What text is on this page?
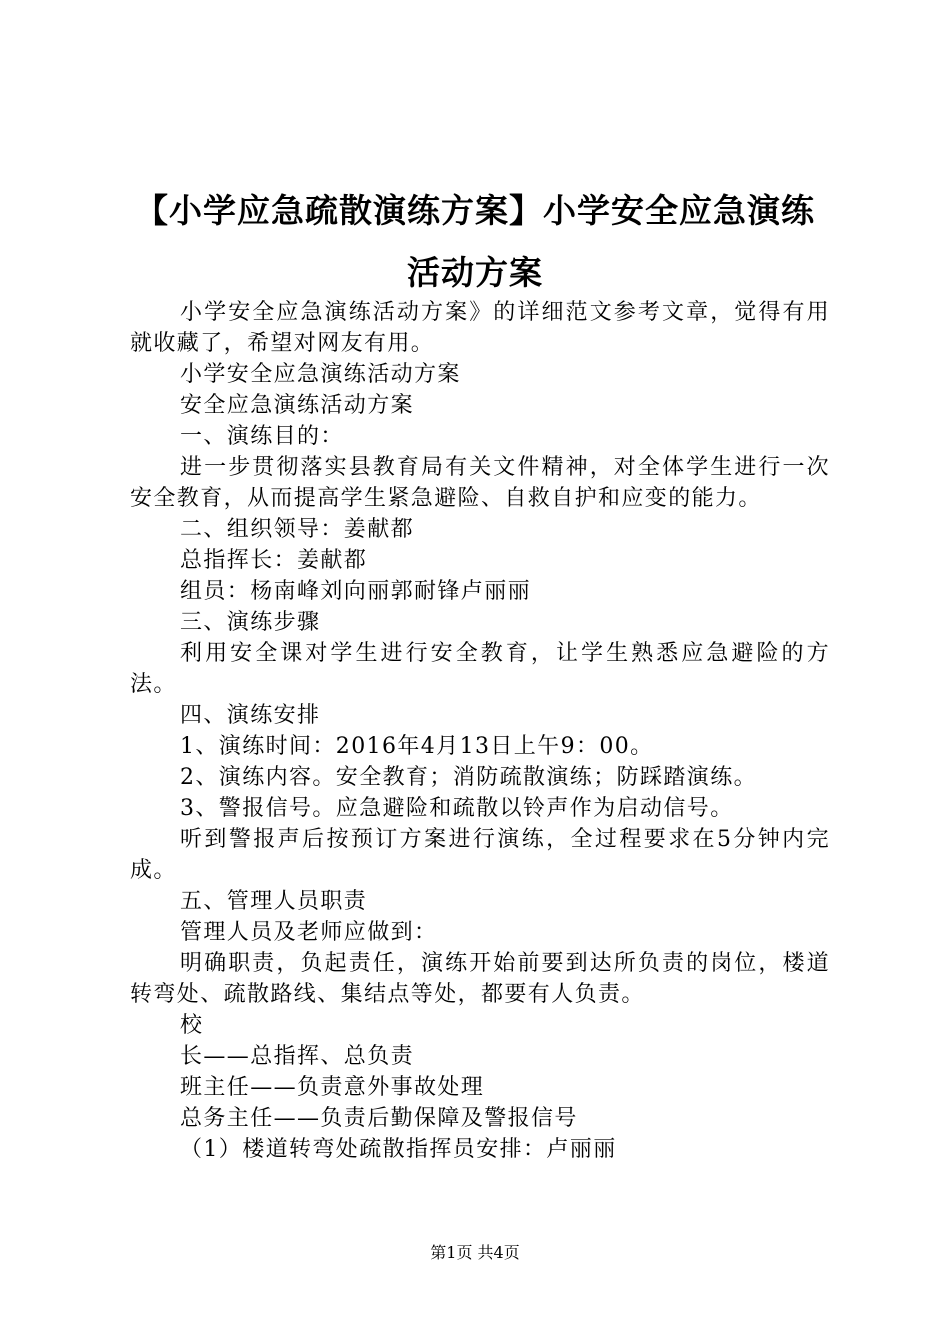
【小学应急疏散演练方案】小学安全应急演练活动方案

小学安全应急演练活动方案》的详细范文参考文章，觉得有用就收藏了，希望对网友有用。

小学安全应急演练活动方案

安全应急演练活动方案

一、演练目的：

进一步贯彻落实县教育局有关文件精神，对全体学生进行一次安全教育，从而提高学生紧急避险、自救自护和应变的能力。

二、组织领导：姜献都

总指挥长：姜献都

组员：杨南峰刘向丽郭耐锋卢丽丽

三、演练步骤

利用安全课对学生进行安全教育，让学生熟悉应急避险的方法。

四、演练安排

1、演练时间：2016年4月13日上午9：00。

2、演练内容。安全教育；消防疏散演练；防踩踏演练。

3、警报信号。应急避险和疏散以铃声作为启动信号。

听到警报声后按预订方案进行演练，全过程要求在5分钟内完成。

五、管理人员职责

管理人员及老师应做到：

明确职责，负起责任，演练开始前要到达所负责的岗位，楼道转弯处、疏散路线、集结点等处，都要有人负责。

校

长——总指挥、总负责

班主任——负责意外事故处理

总务主任——负责后勤保障及警报信号

（1）楼道转弯处疏散指挥员安排：卢丽丽

第1页 共4页
